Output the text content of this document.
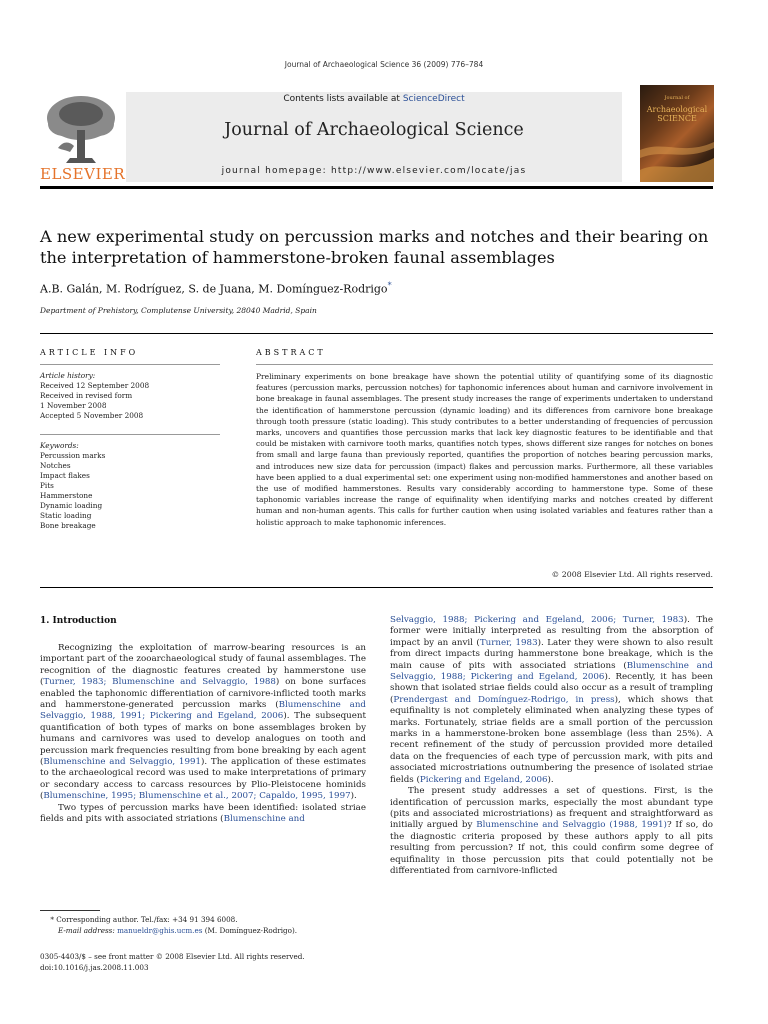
Journal of Archaeological Science 36 (2009) 776–784
Contents lists available at ScienceDirect
Journal of Archaeological Science
journal homepage: http://www.elsevier.com/locate/jas
ELSEVIER
Journal of
Archaeological
SCIENCE
A new experimental study on percussion marks and notches and their bearing on the interpretation of hammerstone-broken faunal assemblages
A.B. Galán, M. Rodríguez, S. de Juana, M. Domínguez-Rodrigo*
Department of Prehistory, Complutense University, 28040 Madrid, Spain
ARTICLE INFO
Article history:
Received 12 September 2008
Received in revised form
1 November 2008
Accepted 5 November 2008
Keywords:
Percussion marks
Notches
Impact flakes
Pits
Hammerstone
Dynamic loading
Static loading
Bone breakage
ABSTRACT
Preliminary experiments on bone breakage have shown the potential utility of quantifying some of its diagnostic features (percussion marks, percussion notches) for taphonomic inferences about human and carnivore involvement in bone breakage in faunal assemblages. The present study increases the range of experiments undertaken to understand the identification of hammerstone percussion (dynamic loading) and its differences from carnivore bone breakage through tooth pressure (static loading). This study contributes to a better understanding of frequencies of percussion marks, uncovers and quantifies those percussion marks that lack key diagnostic features to be identifiable and that could be mistaken with carnivore tooth marks, quantifies notch types, shows different size ranges for notches on bones from small and large fauna than previously reported, quantifies the proportion of notches bearing percussion marks, and introduces new size data for percussion (impact) flakes and percussion marks. Furthermore, all these variables have been applied to a dual experimental set: one experiment using non-modified hammerstones and another based on the use of modified hammerstones. Results vary considerably according to hammerstone type. Some of these taphonomic variables increase the range of equifinality when identifying marks and notches created by different human and non-human agents. This calls for further caution when using isolated variables and features rather than a holistic approach to make taphonomic inferences.
© 2008 Elsevier Ltd. All rights reserved.
1. Introduction

Recognizing the exploitation of marrow-bearing resources is an important part of the zooarchaeological study of faunal assemblages. The recognition of the diagnostic features created by hammerstone use (Turner, 1983; Blumenschine and Selvaggio, 1988) on bone surfaces enabled the taphonomic differentiation of carnivore-inflicted tooth marks and hammerstone-generated percussion marks (Blumenschine and Selvaggio, 1988, 1991; Pickering and Egeland, 2006). The subsequent quantification of both types of marks on bone assemblages broken by humans and carnivores was used to develop analogues on tooth and percussion mark frequencies resulting from bone breaking by each agent (Blumenschine and Selvaggio, 1991). The application of these estimates to the archaeological record was used to make interpretations of primary or secondary access to carcass resources by Plio-Pleistocene hominids (Blumenschine, 1995; Blumenschine et al., 2007; Capaldo, 1995, 1997).

Two types of percussion marks have been identified: isolated striae fields and pits with associated striations (Blumenschine and

Selvaggio, 1988; Pickering and Egeland, 2006; Turner, 1983). The former were initially interpreted as resulting from the absorption of impact by an anvil (Turner, 1983). Later they were shown to also result from direct impacts during hammerstone bone breakage, which is the main cause of pits with associated striations (Blumenschine and Selvaggio, 1988; Pickering and Egeland, 2006). Recently, it has been shown that isolated striae fields could also occur as a result of trampling (Prendergast and Domínguez-Rodrigo, in press), which shows that equifinality is not completely eliminated when analyzing these types of marks. Fortunately, striae fields are a small portion of the percussion marks in a hammerstone-broken bone assemblage (less than 25%). A recent refinement of the study of percussion provided more detailed data on the frequencies of each type of percussion mark, with pits and associated microstriations outnumbering the presence of isolated striae fields (Pickering and Egeland, 2006).

The present study addresses a set of questions. First, is the identification of percussion marks, especially the most abundant type (pits and associated microstriations) as frequent and straightforward as initially argued by Blumenschine and Selvaggio (1988, 1991)? If so, do the diagnostic criteria proposed by these authors apply to all pits resulting from percussion? If not, this could confirm some degree of equifinality in those percussion pits that could potentially not be differentiated from carnivore-inflicted

* Corresponding author. Tel./fax: +34 91 394 6008.
E-mail address: manueldr@ghis.ucm.es (M. Domínguez-Rodrigo).
0305-4403/$ – see front matter © 2008 Elsevier Ltd. All rights reserved.
doi:10.1016/j.jas.2008.11.003
